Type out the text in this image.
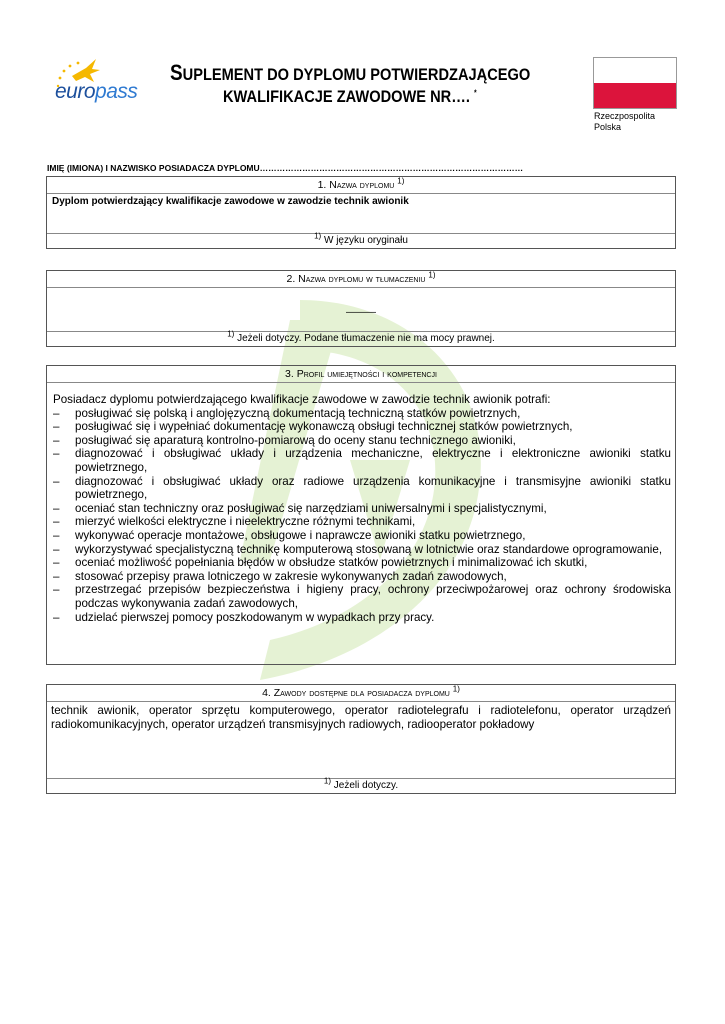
europass
SUPLEMENT DO DYPLOMU POTWIERDZAJĄCEGO
KWALIFIKACJE ZAWODOWE NR…. *
Rzeczpospolita
Polska
IMIĘ (IMIONA) I NAZWISKO POSIADACZA DYPLOMU…………………………………………………………………………………
1. Nazwa dyplomu $^{1)}$
Dyplom potwierdzający kwalifikacje zawodowe w zawodzie technik awionik
$^{1)}$ W języku oryginału
2. Nazwa dyplomu w tłumaczeniu $^{1)}$
———
$^{1)}$ Jeżeli dotyczy. Podane tłumaczenie nie ma mocy prawnej.
3. Profil umiejętności i kompetencji
Posiadacz dyplomu potwierdzającego kwalifikacje zawodowe w zawodzie technik awionik potrafi:
– posługiwać się polską i anglojęzyczną dokumentacją techniczną statków powietrznych,
– posługiwać się i wypełniać dokumentację wykonawczą obsługi technicznej statków powietrznych,
– posługiwać się aparaturą kontrolno-pomiarową do oceny stanu technicznego awioniki,
– diagnozować i obsługiwać układy i urządzenia mechaniczne, elektryczne i elektroniczne awioniki statku powietrznego,
– diagnozować i obsługiwać układy oraz radiowe urządzenia komunikacyjne i transmisyjne awioniki statku powietrznego,
– oceniać stan techniczny oraz posługiwać się narzędziami uniwersalnymi i specjalistycznymi,
– mierzyć wielkości elektryczne i nieelektryczne różnymi technikami,
– wykonywać operacje montażowe, obsługowe i naprawcze awioniki statku powietrznego,
– wykorzystywać specjalistyczną technikę komputerową stosowaną w lotnictwie oraz standardowe oprogramowanie,
– oceniać możliwość popełniania błędów w obsłudze statków powietrznych i minimalizować ich skutki,
– stosować przepisy prawa lotniczego w zakresie wykonywanych zadań zawodowych,
– przestrzegać przepisów bezpieczeństwa i higieny pracy, ochrony przeciwpożarowej oraz ochrony środowiska podczas wykonywania zadań zawodowych,
– udzielać pierwszej pomocy poszkodowanym w wypadkach przy pracy.
4. Zawody dostępne dla posiadacza dyplomu $^{1)}$
technik awionik, operator sprzętu komputerowego, operator radiotelegrafu i radiotelefonu, operator urządzeń radiokomunikacyjnych, operator urządzeń transmisyjnych radiowych, radiooperator pokładowy
$^{1)}$ Jeżeli dotyczy.
